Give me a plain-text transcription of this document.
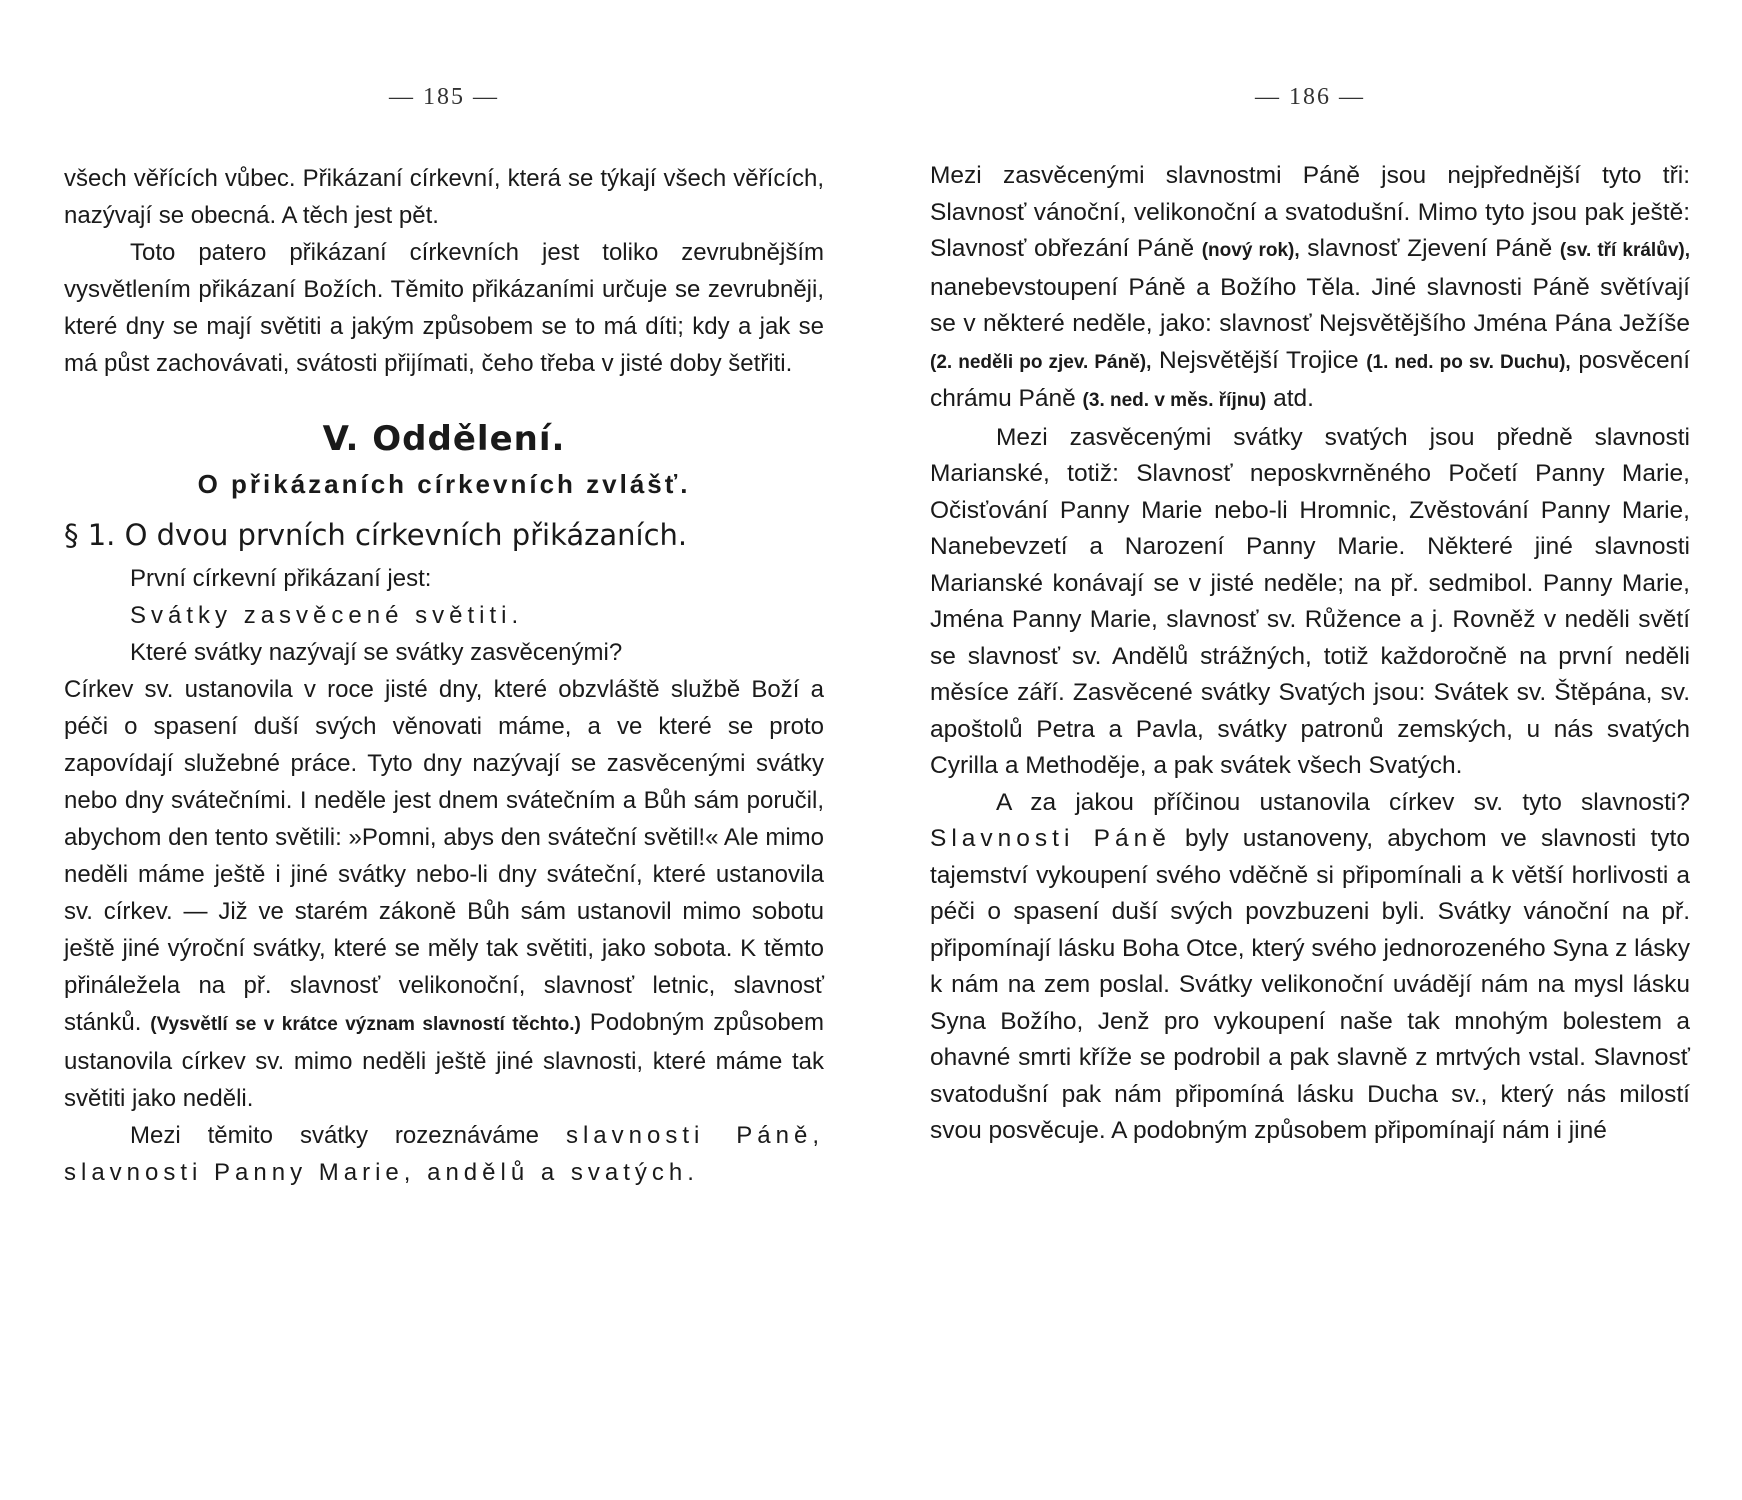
— 185 —

všech věřících vůbec. Přikázaní církevní, která se týkají všech věřících, nazývají se obecná. A těch jest pět.

Toto patero přikázaní církevních jest toliko zevrubnějším vysvětlením přikázaní Božích. Těmito přikázaními určuje se zevrubněji, které dny se mají světiti a jakým způsobem se to má díti; kdy a jak se má půst zachovávati, svátosti přijímati, čeho třeba v jisté doby šetřiti.

V. Oddělení.
O přikázaních církevních zvlášť.
§ 1. O dvou prvních církevních přikázaních.

První církevní přikázaní jest:

Svátky zasvěcené světiti.

Které svátky nazývají se svátky zasvěcenými?

Církev sv. ustanovila v roce jisté dny, které obzvláště službě Boží a péči o spasení duší svých věnovati máme, a ve které se proto zapovídají služebné práce. Tyto dny nazývají se zasvěcenými svátky nebo dny svátečními. I neděle jest dnem svátečním a Bůh sám poručil, abychom den tento světili: »Pomni, abys den sváteční světil!« Ale mimo neděli máme ještě i jiné svátky nebo-li dny sváteční, které ustanovila sv. církev. — Již ve starém zákoně Bůh sám ustanovil mimo sobotu ještě jiné výroční svátky, které se měly tak světiti, jako sobota. K těmto přináležela na př. slavnosť velikonoční, slavnosť letnic, slavnosť stánků. (Vysvětlí se v krátce význam slavností těchto.) Podobným způsobem ustanovila církev sv. mimo neděli ještě jiné slavnosti, které máme tak světiti jako neděli.

Mezi těmito svátky rozeznáváme slavnosti Páně, slavnosti Panny Marie, andělů a svatých.

— 186 —

Mezi zasvěcenými slavnostmi Páně jsou nejpřednější tyto tři: Slavnosť vánoční, velikonoční a svatodušní. Mimo tyto jsou pak ještě: Slavnosť obřezání Páně (nový rok), slavnosť Zjevení Páně (sv. tří králův), nanebevstoupení Páně a Božího Těla. Jiné slavnosti Páně světívají se v některé neděle, jako: slavnosť Nejsvětějšího Jména Pána Ježíše (2. neděli po zjev. Páně), Nejsvětější Trojice (1. ned. po sv. Duchu), posvěcení chrámu Páně (3. ned. v měs. říjnu) atd.

Mezi zasvěcenými svátky svatých jsou předně slavnosti Marianské, totiž: Slavnosť neposkvrněného Početí Panny Marie, Očisťování Panny Marie nebo-li Hromnic, Zvěstování Panny Marie, Nanebevzetí a Narození Panny Marie. Některé jiné slavnosti Marianské konávají se v jisté neděle; na př. sedmibol. Panny Marie, Jména Panny Marie, slavnosť sv. Růžence a j. Rovněž v neděli světí se slavnosť sv. Andělů strážných, totiž každoročně na první neděli měsíce září. Zasvěcené svátky Svatých jsou: Svátek sv. Štěpána, sv. apoštolů Petra a Pavla, svátky patronů zemských, u nás svatých Cyrilla a Methoděje, a pak svátek všech Svatých.

A za jakou příčinou ustanovila církev sv. tyto slavnosti? Slavnosti Páně byly ustanoveny, abychom ve slavnosti tyto tajemství vykoupení svého vděčně si připomínali a k větší horlivosti a péči o spasení duší svých povzbuzeni byli. Svátky vánoční na př. připomínají lásku Boha Otce, který svého jednorozeného Syna z lásky k nám na zem poslal. Svátky velikonoční uvádějí nám na mysl lásku Syna Božího, Jenž pro vykoupení naše tak mnohým bolestem a ohavné smrti kříže se podrobil a pak slavně z mrtvých vstal. Slavnosť svatodušní pak nám připomíná lásku Ducha sv., který nás milostí svou posvěcuje. A podobným způsobem připomínají nám i jiné
